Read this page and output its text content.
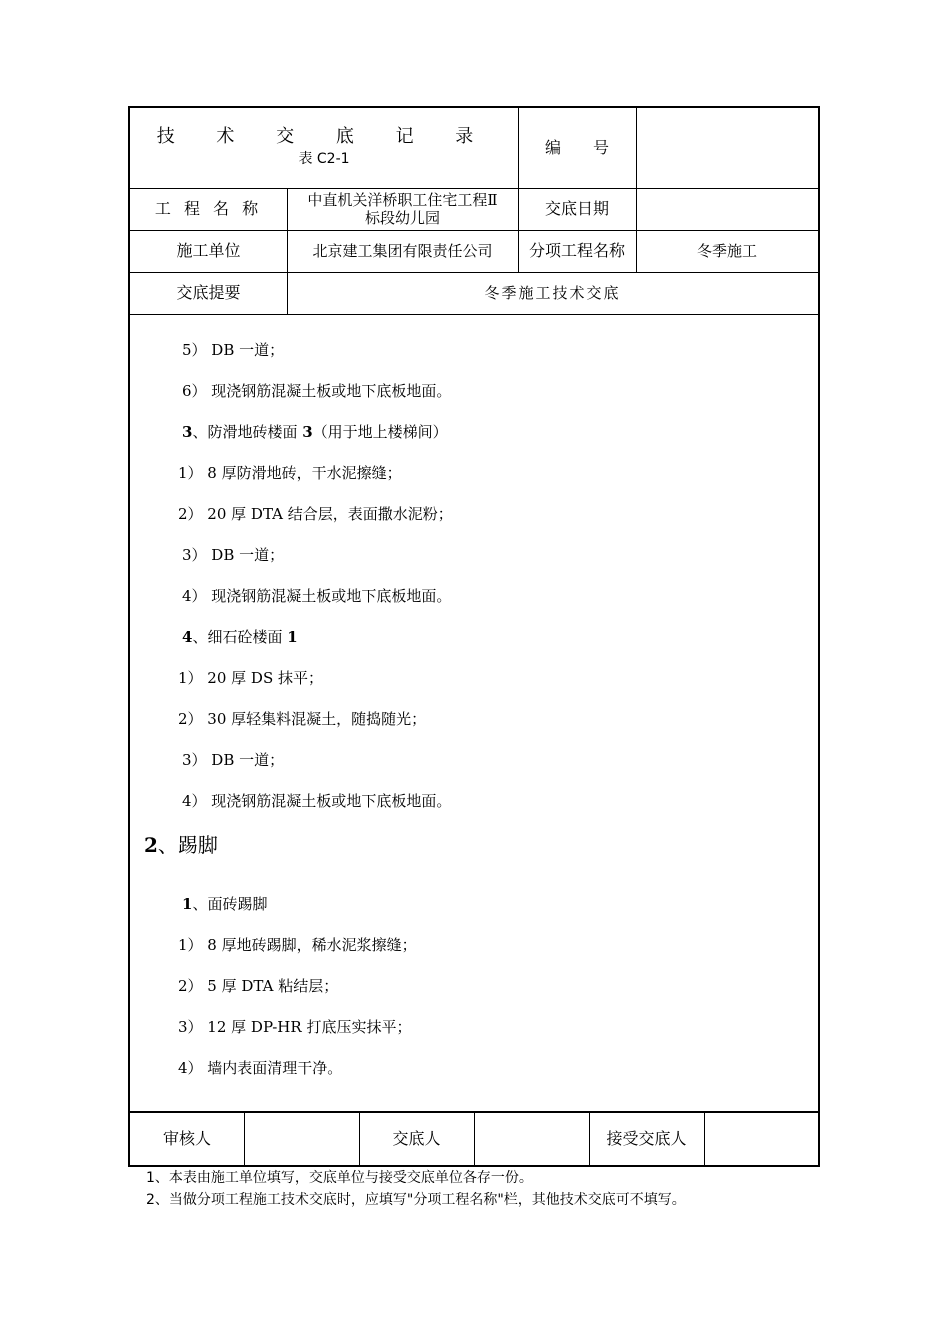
技 术 交 底 记 录
表 C2-1
编　　号
工 程 名 称	中直机关洋桥职工住宅工程Ⅱ
标段幼儿园	交底日期
施工单位	北京建工集团有限责任公司	分项工程名称	冬季施工
交底提要	冬季施工技术交底
5） DB 一道；
6） 现浇钢筋混凝土板或地下底板地面。
3、防滑地砖楼面 3（用于地上楼梯间）
1） 8 厚防滑地砖，干水泥擦缝；
2） 20 厚 DTA 结合层，表面撒水泥粉；
3） DB 一道；
4） 现浇钢筋混凝土板或地下底板地面。
4、细石砼楼面 1
1） 20 厚 DS 抹平；
2） 30 厚轻集料混凝土，随捣随光；
3） DB 一道；
4） 现浇钢筋混凝土板或地下底板地面。
2、踢脚
1、面砖踢脚
1） 8 厚地砖踢脚，稀水泥浆擦缝；
2） 5 厚 DTA 粘结层；
3） 12 厚 DP-HR 打底压实抹平；
4） 墙内表面清理干净。
审核人	交底人	接受交底人
1、本表由施工单位填写，交底单位与接受交底单位各存一份。
2、当做分项工程施工技术交底时，应填写"分项工程名称"栏，其他技术交底可不填写。
